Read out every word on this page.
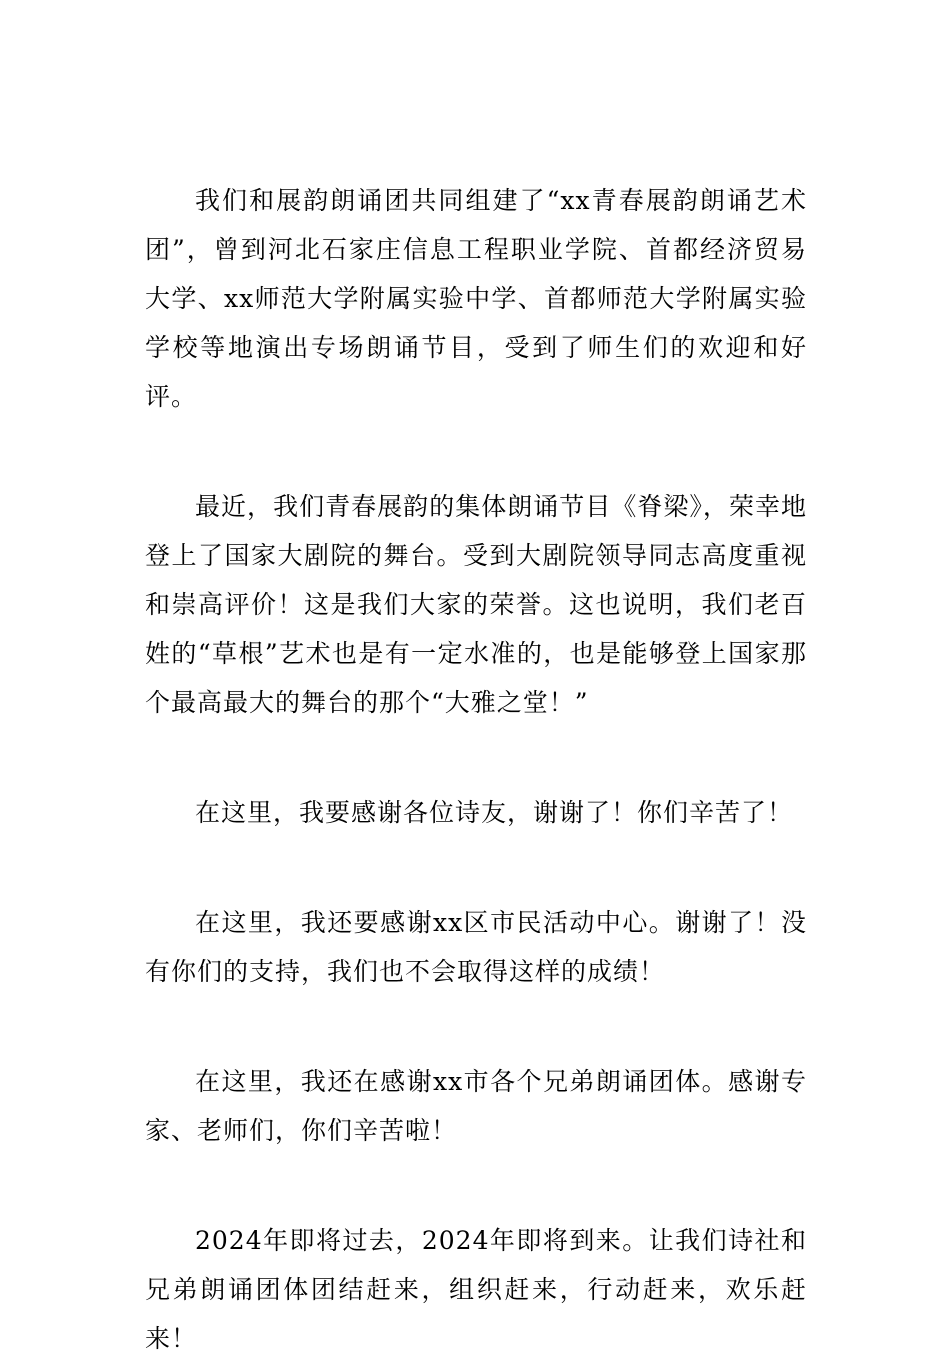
我们和展韵朗诵团共同组建了“xx青春展韵朗诵艺术团”，曾到河北石家庄信息工程职业学院、首都经济贸易大学、xx师范大学附属实验中学、首都师范大学附属实验学校等地演出专场朗诵节目，受到了师生们的欢迎和好评。

最近，我们青春展韵的集体朗诵节目《脊梁》，荣幸地登上了国家大剧院的舞台。受到大剧院领导同志高度重视和崇高评价！这是我们大家的荣誉。这也说明，我们老百姓的“草根”艺术也是有一定水准的，也是能够登上国家那个最高最大的舞台的那个“大雅之堂！”

在这里，我要感谢各位诗友，谢谢了！你们辛苦了！

在这里，我还要感谢xx区市民活动中心。谢谢了！没有你们的支持，我们也不会取得这样的成绩！

在这里，我还在感谢xx市各个兄弟朗诵团体。感谢专家、老师们，你们辛苦啦！

2024年即将过去，2024年即将到来。让我们诗社和兄弟朗诵团体团结赶来，组织赶来，行动赶来，欢乐赶来！
